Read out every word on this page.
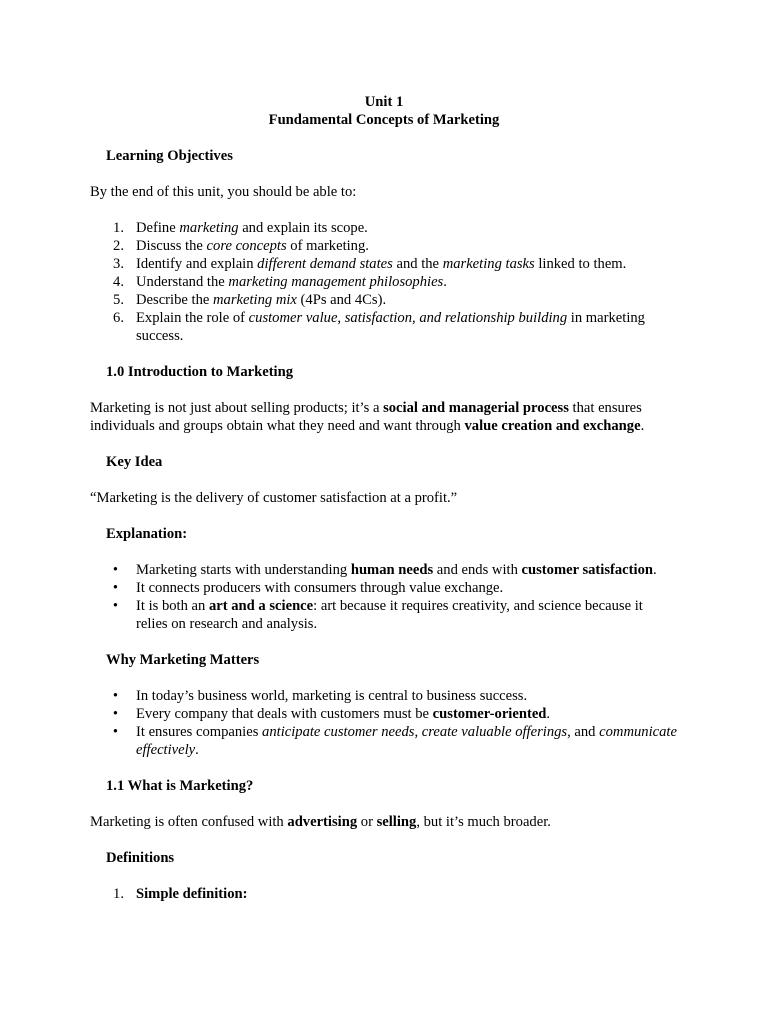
Unit 1

Fundamental Concepts of Marketing

Learning Objectives

By the end of this unit, you should be able to:

1. Define marketing and explain its scope.
2. Discuss the core concepts of marketing.
3. Identify and explain different demand states and the marketing tasks linked to them.
4. Understand the marketing management philosophies.
5. Describe the marketing mix (4Ps and 4Cs).
6. Explain the role of customer value, satisfaction, and relationship building in marketing success.

1.0 Introduction to Marketing

Marketing is not just about selling products; it’s a social and managerial process that ensures individuals and groups obtain what they need and want through value creation and exchange.

Key Idea

“Marketing is the delivery of customer satisfaction at a profit.”

Explanation:

• Marketing starts with understanding human needs and ends with customer satisfaction.
• It connects producers with consumers through value exchange.
• It is both an art and a science: art because it requires creativity, and science because it relies on research and analysis.

Why Marketing Matters

• In today’s business world, marketing is central to business success.
• Every company that deals with customers must be customer-oriented.
• It ensures companies anticipate customer needs, create valuable offerings, and communicate effectively.

1.1 What is Marketing?

Marketing is often confused with advertising or selling, but it’s much broader.

Definitions

1. Simple definition:
